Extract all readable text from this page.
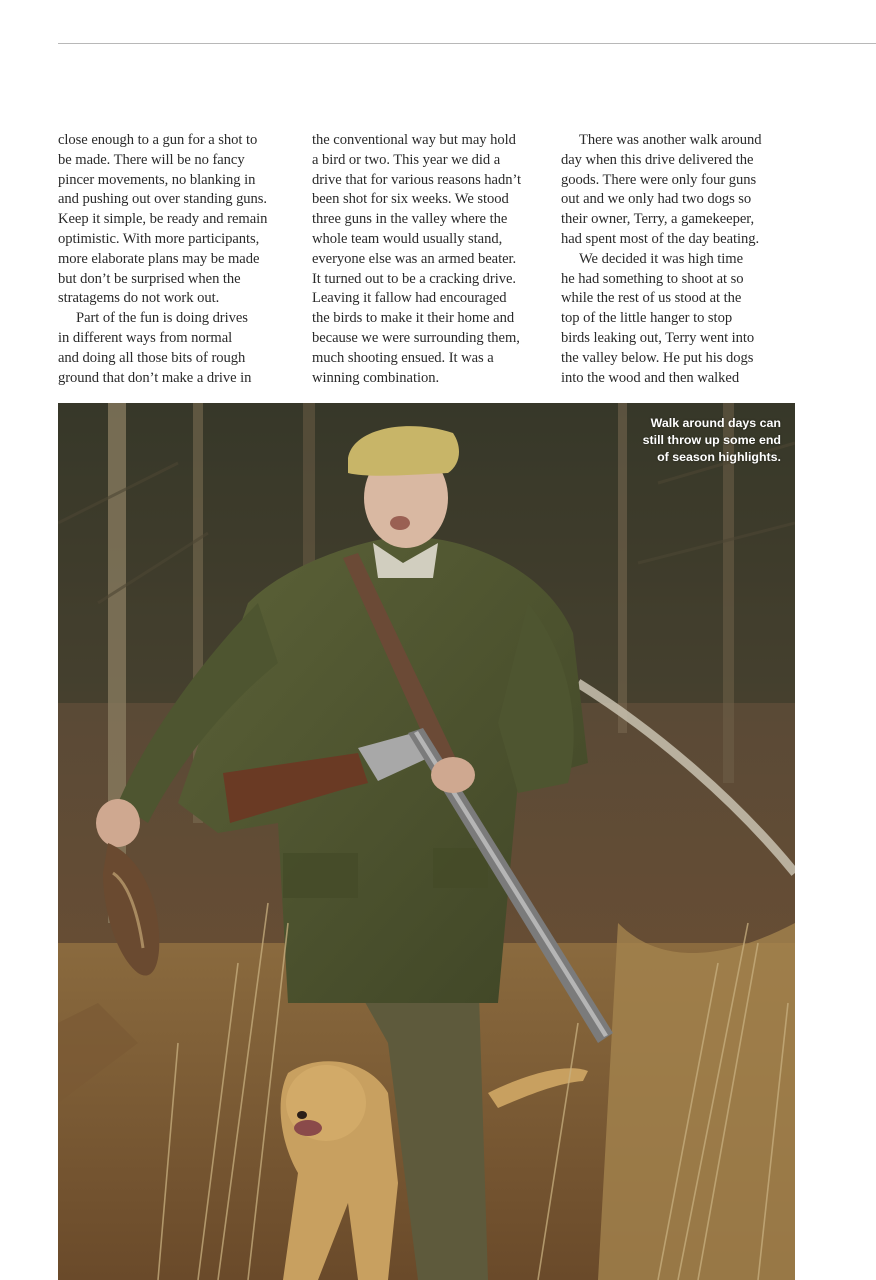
close enough to a gun for a shot to
be made. There will be no fancy
pincer movements, no blanking in
and pushing out over standing guns.
Keep it simple, be ready and remain
optimistic. With more participants,
more elaborate plans may be made
but don’t be surprised when the
stratagems do not work out.
Part of the fun is doing drives
in different ways from normal
and doing all those bits of rough
ground that don’t make a drive in
the conventional way but may hold
a bird or two. This year we did a
drive that for various reasons hadn’t
been shot for six weeks. We stood
three guns in the valley where the
whole team would usually stand,
everyone else was an armed beater.
It turned out to be a cracking drive.
Leaving it fallow had encouraged
the birds to make it their home and
because we were surrounding them,
much shooting ensued. It was a
winning combination.
There was another walk around
day when this drive delivered the
goods. There were only four guns
out and we only had two dogs so
their owner, Terry, a gamekeeper,
had spent most of the day beating.
We decided it was high time
he had something to shoot at so
while the rest of us stood at the
top of the little hanger to stop
birds leaking out, Terry went into
the valley below. He put his dogs
into the wood and then walked
Walk around days can
still throw up some end
of season highlights.
